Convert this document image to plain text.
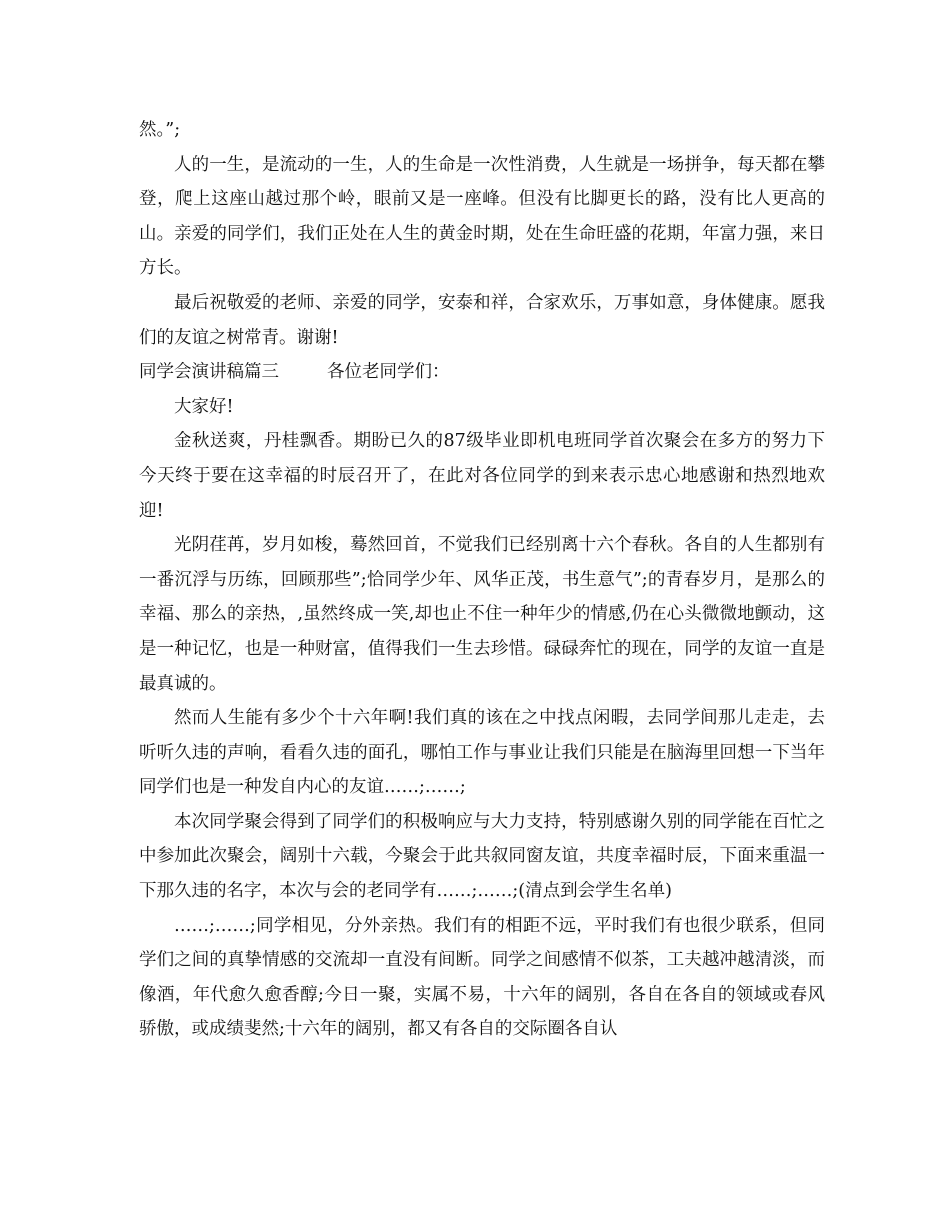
然。”;

人的一生，是流动的一生，人的生命是一次性消费，人生就是一场拼争，每天都在攀登，爬上这座山越过那个岭，眼前又是一座峰。但没有比脚更长的路，没有比人更高的山。亲爱的同学们，我们正处在人生的黄金时期，处在生命旺盛的花期，年富力强，来日方长。

最后祝敬爱的老师、亲爱的同学，安泰和祥，合家欢乐，万事如意，身体健康。愿我们的友谊之树常青。谢谢!

同学会演讲稿篇三	各位老同学们：

大家好!

金秋送爽，丹桂飘香。期盼已久的87级毕业即机电班同学首次聚会在多方的努力下今天终于要在这幸福的时辰召开了，在此对各位同学的到来表示忠心地感谢和热烈地欢迎!

光阴荏苒，岁月如梭，蓦然回首，不觉我们已经别离十六个春秋。各自的人生都别有一番沉浮与历练，回顾那些”;恰同学少年、风华正茂，书生意气”;的青春岁月，是那么的幸福、那么的亲热，,虽然终成一笑,却也止不住一种年少的情感,仍在心头微微地颤动，这是一种记忆，也是一种财富，值得我们一生去珍惜。碌碌奔忙的现在，同学的友谊一直是最真诚的。

然而人生能有多少个十六年啊!我们真的该在之中找点闲暇，去同学间那儿走走，去听听久违的声响，看看久违的面孔，哪怕工作与事业让我们只能是在脑海里回想一下当年同学们也是一种发自内心的友谊……;……;

本次同学聚会得到了同学们的积极响应与大力支持，特别感谢久别的同学能在百忙之中参加此次聚会，阔别十六载，今聚会于此共叙同窗友谊，共度幸福时辰，下面来重温一下那久违的名字，本次与会的老同学有……;……;(清点到会学生名单)

……;……;同学相见，分外亲热。我们有的相距不远，平时我们有也很少联系，但同学们之间的真挚情感的交流却一直没有间断。同学之间感情不似茶，工夫越冲越清淡，而像酒，年代愈久愈香醇;今日一聚，实属不易，十六年的阔别，各自在各自的领域或春风骄傲，或成绩斐然;十六年的阔别，都又有各自的交际圈各自认
